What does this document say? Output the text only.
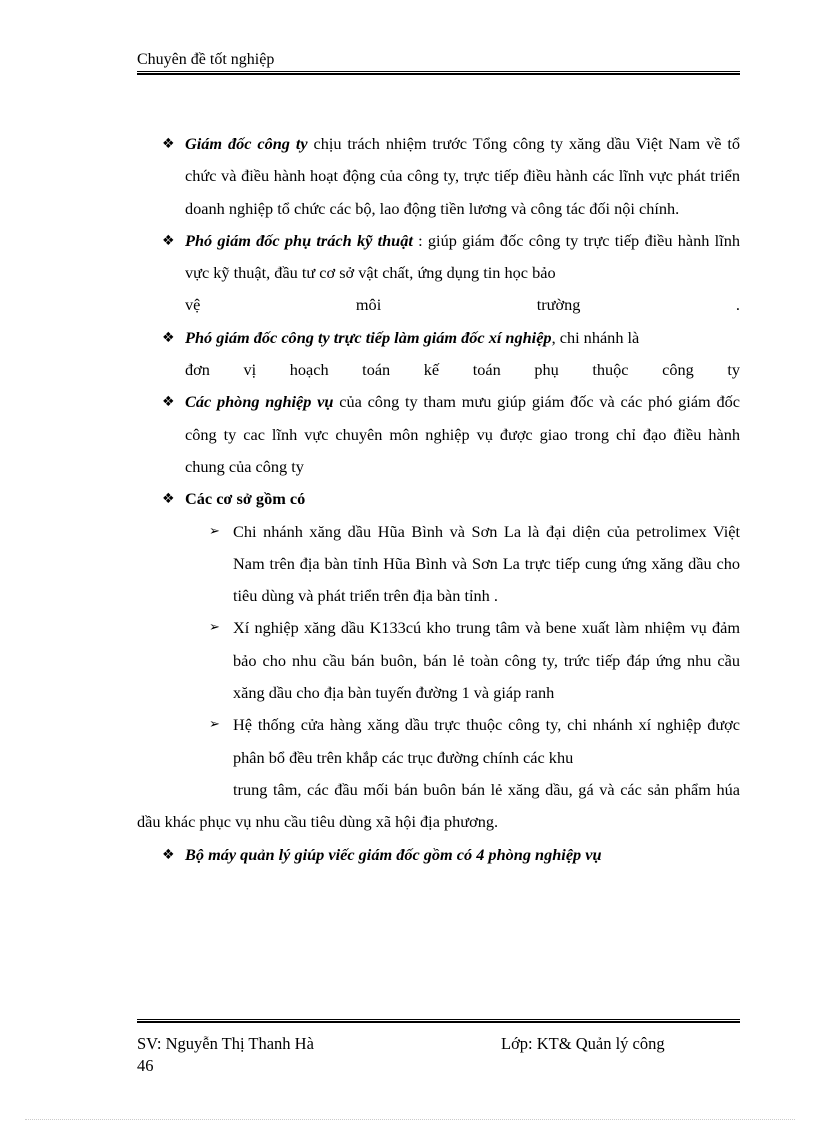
Chuyên đề tốt nghiệp
❖ Giám đốc công ty chịu trách nhiệm trước Tổng công ty xăng dầu Việt Nam về tổ chức và điều hành hoạt động của công ty, trực tiếp điều hành các lĩnh vực phát triển doanh nghiệp tổ chức các bộ, lao động tiền lương và công tác đối nội chính.
❖ Phó giám đốc phụ trách kỹ thuật : giúp giám đốc công ty trực tiếp điều hành lĩnh vực kỹ thuật, đầu tư cơ sở vật chất, ứng dụng tin học bảo
vệ môi trường .
❖ Phó giám đốc công ty trực tiếp làm giám đốc xí nghiệp, chi nhánh là
đơn vị hoạch toán kế toán phụ thuộc công ty
❖ Các phòng nghiệp vụ của công ty tham mưu giúp giám đốc và các phó giám đốc công ty cac lĩnh vực chuyên môn nghiệp vụ được giao trong chỉ đạo điều hành chung của công ty
❖ Các cơ sở gồm có
➢ Chi nhánh xăng dầu Hũa Bình và Sơn La là đại diện của petrolimex Việt Nam trên địa bàn tỉnh Hũa Bình và Sơn La trực tiếp cung ứng xăng dầu cho tiêu dùng và phát triển trên địa bàn tỉnh .
➢ Xí nghiệp xăng dầu K133cú kho trung tâm và bene xuất làm nhiệm vụ đảm bảo cho nhu cầu bán buôn, bán lẻ toàn công ty, trức tiếp đáp ứng nhu cầu xăng dầu cho địa bàn tuyến đường 1 và giáp ranh
➢ Hệ thống cửa hàng xăng dầu trực thuộc công ty, chi nhánh xí nghiệp được phân bổ đều trên khắp các trục đường chính các khu
trung tâm, các đầu mối bán buôn bán lẻ xăng dầu, gá và các sản phẩm húa dầu khác phục vụ nhu cầu tiêu dùng xã hội địa phương.
❖ Bộ máy quản lý giúp viếc giám đốc gồm có 4 phòng nghiệp vụ
SV: Nguyễn Thị Thanh Hà	Lớp: KT& Quản lý công
46
